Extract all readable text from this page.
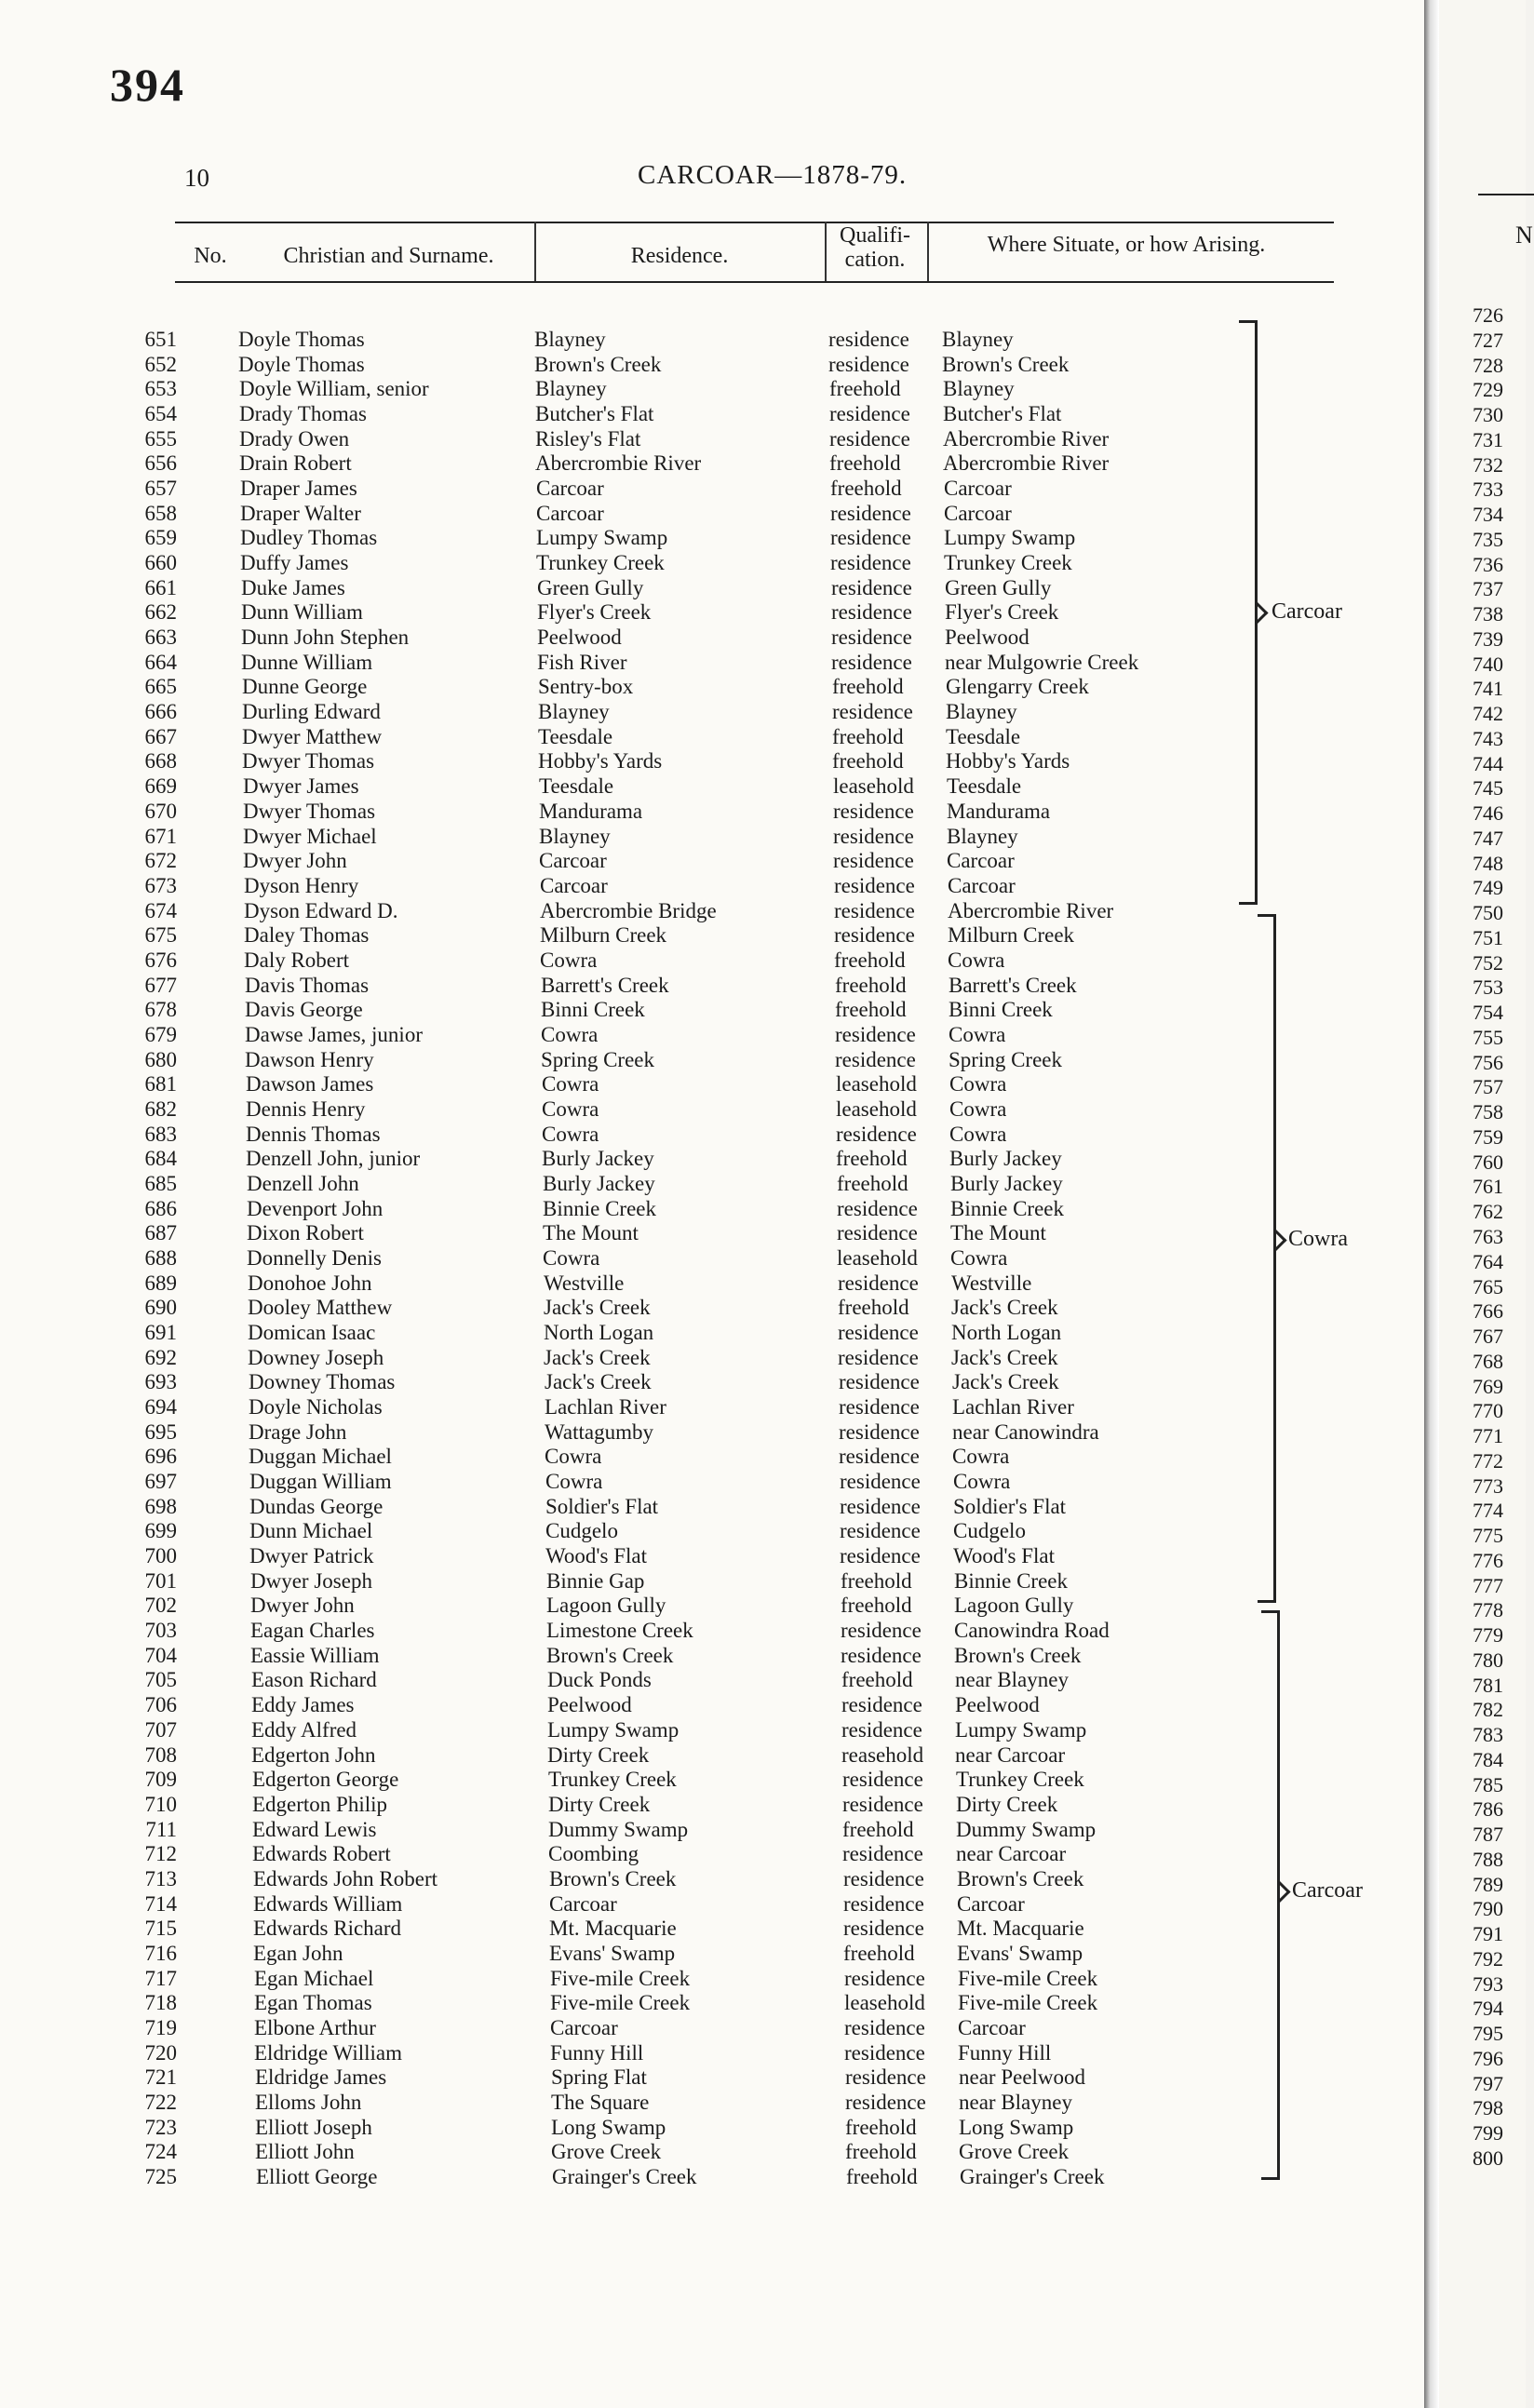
394
10	CARCOAR—1878-79.
No.	Christian and Surname.	Residence.
Qualifi- cation.
Where Situate, or how Arising.
651	Doyle Thomas	Blayney	residence Blayney
652	Doyle Thomas	Brown's Creek	residence Brown's Creek
653	Doyle William, senior	Blayney	freehold Blayney
654	Drady Thomas	Butcher's Flat	residence Butcher's Flat
655	Drady Owen	Risley's Flat	residence Abercrombie River
656	Drain Robert	Abercrombie River	freehold Abercrombie River
657	Draper James	Carcoar	freehold Carcoar
658	Draper Walter	Carcoar	residence Carcoar
659	Dudley Thomas	Lumpy Swamp	residence Lumpy Swamp
660	Duffy James	Trunkey Creek	residence Trunkey Creek
661	Duke James	Green Gully	residence Green Gully
662	Dunn William	Flyer's Creek	residence Flyer's Creek
663	Dunn John Stephen	Peelwood	residence Peelwood
664	Dunne William	Fish River	residence near Mulgowrie Creek
665	Dunne George	Sentry-box	freehold Glengarry Creek
666	Durling Edward	Blayney	residence Blayney
667	Dwyer Matthew	Teesdale	freehold Teesdale
668	Dwyer Thomas	Hobby's Yards	freehold Hobby's Yards
669	Dwyer James	Teesdale	leasehold Teesdale
670	Dwyer Thomas	Mandurama	residence Mandurama
671	Dwyer Michael	Blayney	residence Blayney
672	Dwyer John	Carcoar	residence Carcoar
673	Dyson Henry	Carcoar	residence Carcoar
674	Dyson Edward D.	Abercrombie Bridge	residence Abercrombie River
675	Daley Thomas	Milburn Creek	residence Milburn Creek
676	Daly Robert	Cowra	freehold Cowra
677	Davis Thomas	Barrett's Creek	freehold Barrett's Creek
678	Davis George	Binni Creek	freehold Binni Creek
679	Dawse James, junior	Cowra	residence Cowra
680	Dawson Henry	Spring Creek	residence Spring Creek
681	Dawson James	Cowra	leasehold Cowra
682	Dennis Henry	Cowra	leasehold Cowra
683	Dennis Thomas	Cowra	residence Cowra
684	Denzell John, junior	Burly Jackey	freehold Burly Jackey
685	Denzell John	Burly Jackey	freehold Burly Jackey
686	Devenport John	Binnie Creek	residence Binnie Creek
687	Dixon Robert	The Mount	residence The Mount
688	Donnelly Denis	Cowra	leasehold Cowra
689	Donohoe John	Westville	residence Westville
690	Dooley Matthew	Jack's Creek	freehold Jack's Creek
691	Domican Isaac	North Logan	residence North Logan
692	Downey Joseph	Jack's Creek	residence Jack's Creek
693	Downey Thomas	Jack's Creek	residence Jack's Creek
694	Doyle Nicholas	Lachlan River	residence Lachlan River
695	Drage John	Wattagumby	residence near Canowindra
696	Duggan Michael	Cowra	residence Cowra
697	Duggan William	Cowra	residence Cowra
698	Dundas George	Soldier's Flat	residence Soldier's Flat
699	Dunn Michael	Cudgelo	residence Cudgelo
700	Dwyer Patrick	Wood's Flat	residence Wood's Flat
701	Dwyer Joseph	Binnie Gap	freehold Binnie Creek
702	Dwyer John	Lagoon Gully	freehold Lagoon Gully
703	Eagan Charles	Limestone Creek	residence Canowindra Road
704	Eassie William	Brown's Creek	residence Brown's Creek
705	Eason Richard	Duck Ponds	freehold near Blayney
706	Eddy James	Peelwood	residence Peelwood
707	Eddy Alfred	Lumpy Swamp	residence Lumpy Swamp
708	Edgerton John	Dirty Creek	reasehold near Carcoar
709	Edgerton George	Trunkey Creek	residence Trunkey Creek
710	Edgerton Philip	Dirty Creek	residence Dirty Creek
711	Edward Lewis	Dummy Swamp	freehold Dummy Swamp
712	Edwards Robert	Coombing	residence near Carcoar
713	Edwards John Robert	Brown's Creek	residence Brown's Creek
714	Edwards William	Carcoar	residence Carcoar
715	Edwards Richard	Mt. Macquarie	residence Mt. Macquarie
716	Egan John	Evans' Swamp	freehold Evans' Swamp
717	Egan Michael	Five-mile Creek	residence Five-mile Creek
718	Egan Thomas	Five-mile Creek	leasehold Five-mile Creek
719	Elbone Arthur	Carcoar	residence Carcoar
720	Eldridge William	Funny Hill	residence Funny Hill
721	Eldridge James	Spring Flat	residence near Peelwood
722	Elloms John	The Square	residence near Blayney
723	Elliott Joseph	Long Swamp	freehold Long Swamp
724	Elliott John	Grove Creek	freehold Grove Creek
725	Elliott George	Grainger's Creek	freehold Grainger's Creek
Carcoar
Cowra
Carcoar
N
726
727
728
729
730
731
732
733
734
735
736
737
738
739
740
741
742
743
744
745
746
747
748
749
750
751
752
753
754
755
756
757
758
759
760
761
762
763
764
765
766
767
768
769
770
771
772
773
774
775
776
777
778
779
780
781
782
783
784
785
786
787
788
789
790
791
792
793
794
795
796
797
798
799
800
